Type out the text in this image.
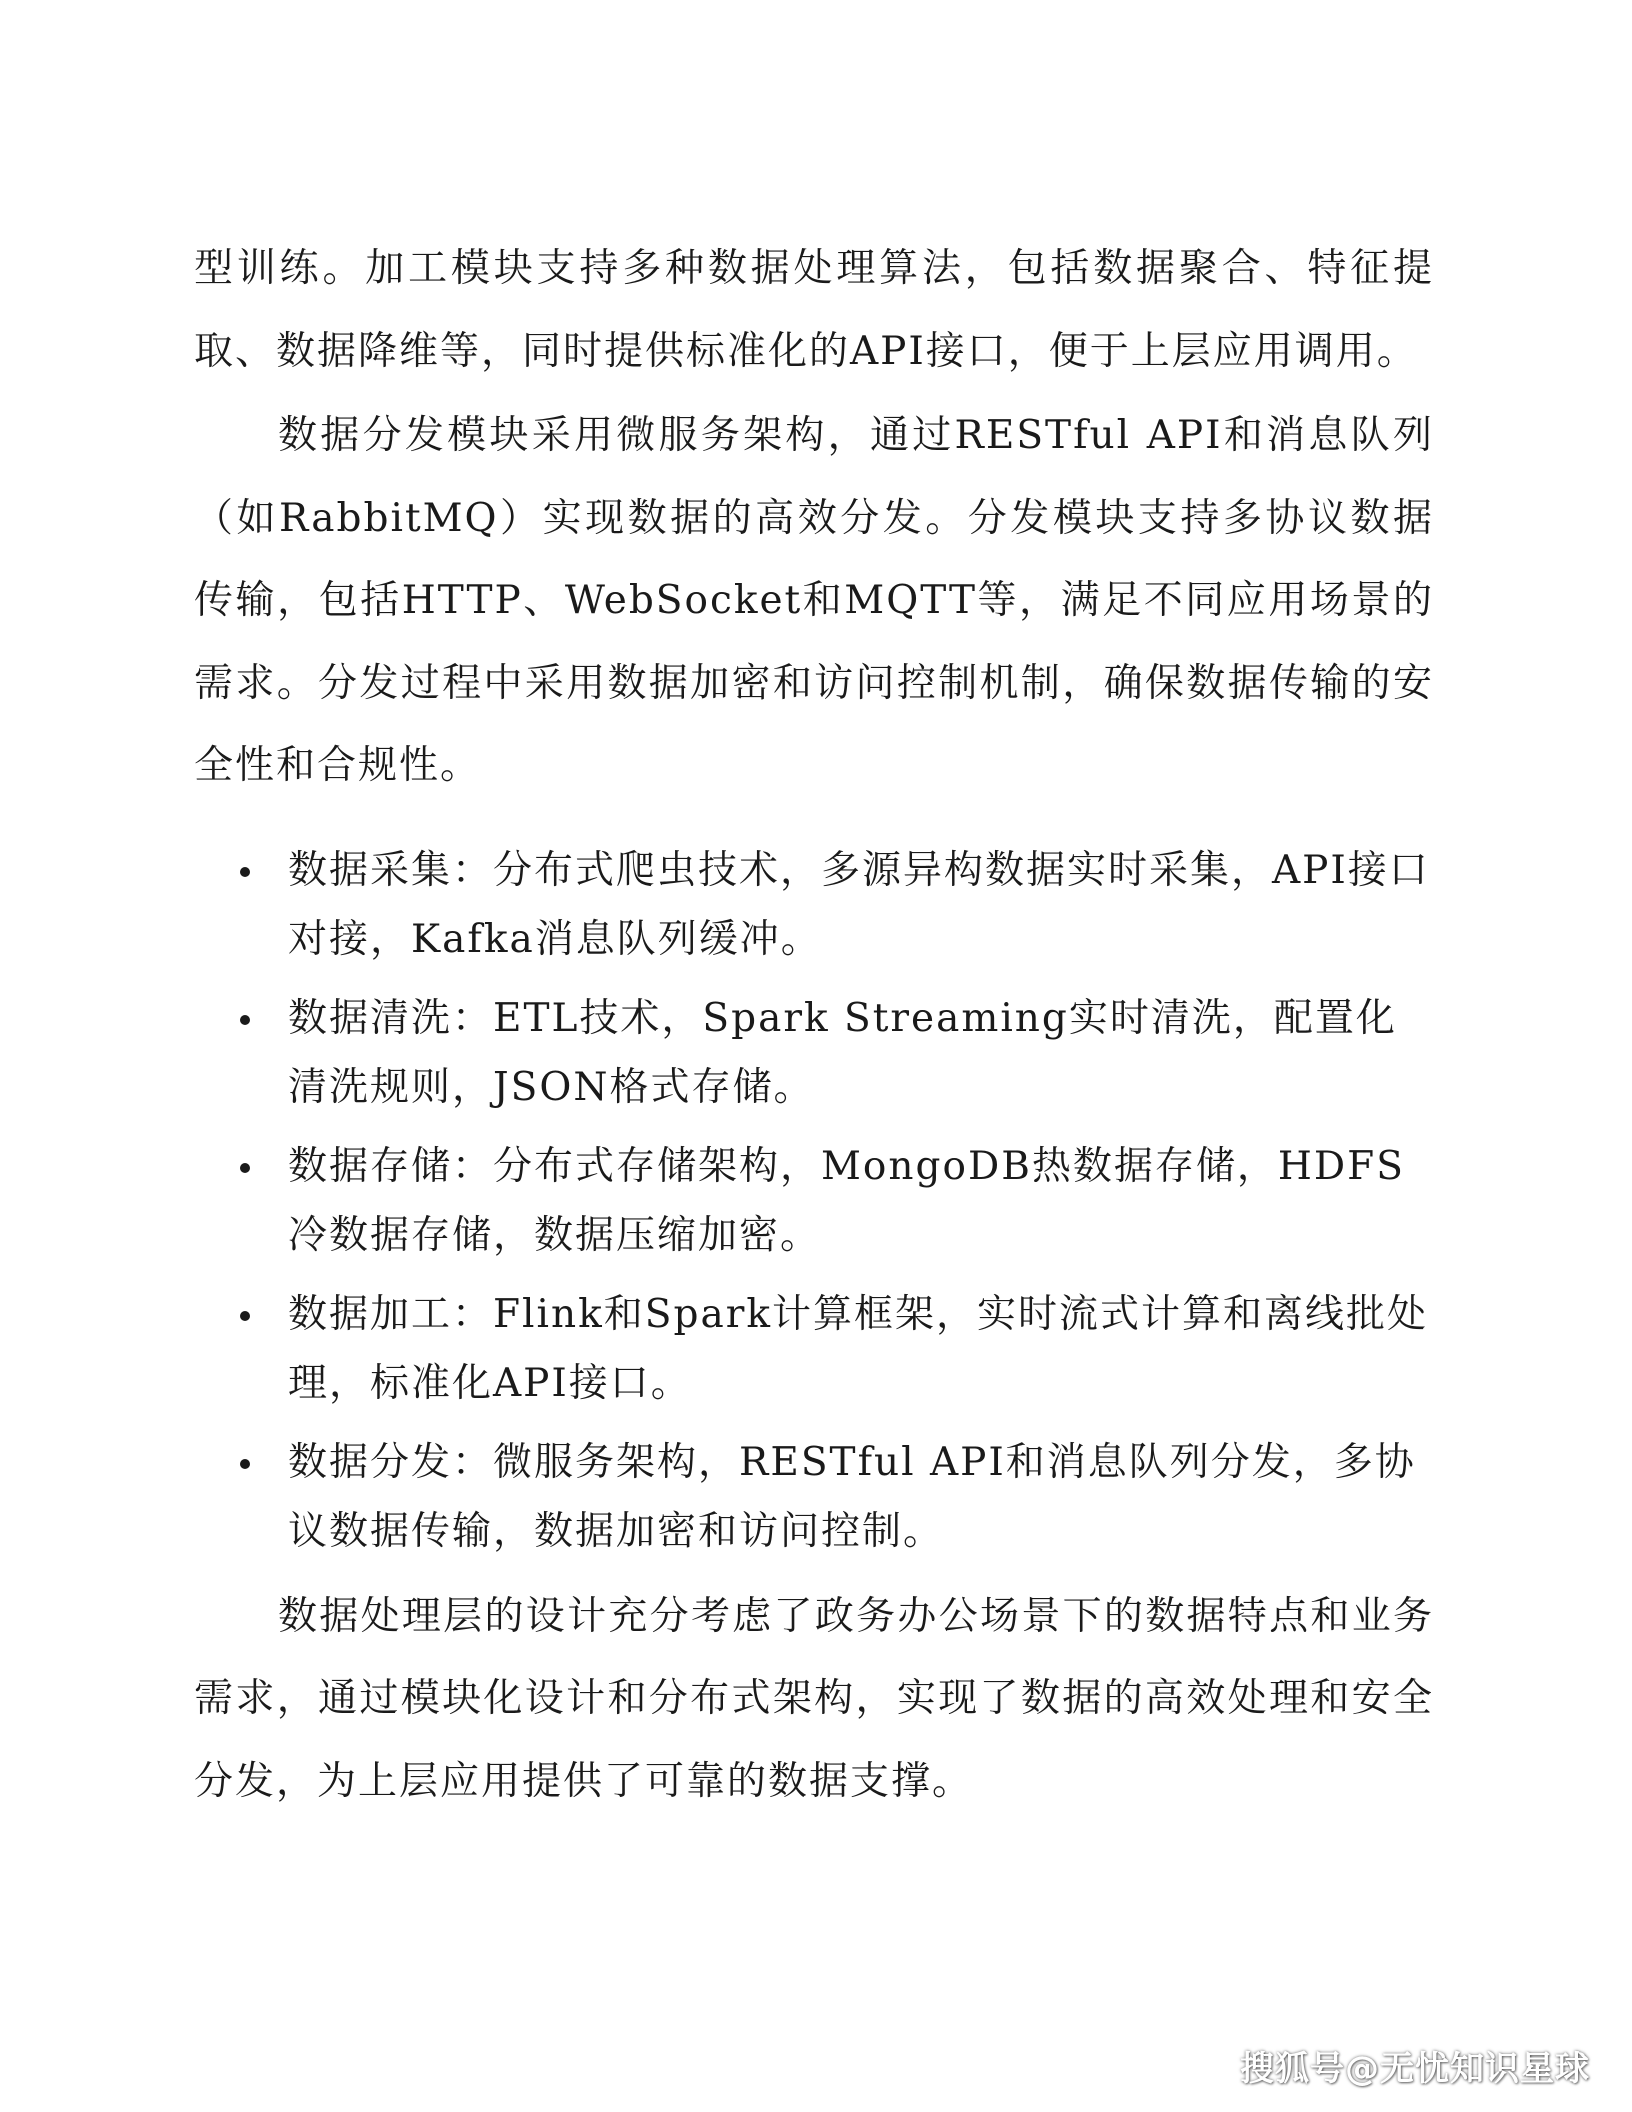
型训练。加工模块支持多种数据处理算法，包括数据聚合、特征提取、数据降维等，同时提供标准化的API接口，便于上层应用调用。

数据分发模块采用微服务架构，通过RESTful API和消息队列（如RabbitMQ）实现数据的高效分发。分发模块支持多协议数据传输，包括HTTP、WebSocket和MQTT等，满足不同应用场景的需求。分发过程中采用数据加密和访问控制机制，确保数据传输的安全性和合规性。

数据采集：分布式爬虫技术，多源异构数据实时采集，API接口对接，Kafka消息队列缓冲。
数据清洗：ETL技术，Spark Streaming实时清洗，配置化清洗规则，JSON格式存储。
数据存储：分布式存储架构，MongoDB热数据存储，HDFS冷数据存储，数据压缩加密。
数据加工：Flink和Spark计算框架，实时流式计算和离线批处理，标准化API接口。
数据分发：微服务架构，RESTful API和消息队列分发，多协议数据传输，数据加密和访问控制。

数据处理层的设计充分考虑了政务办公场景下的数据特点和业务需求，通过模块化设计和分布式架构，实现了数据的高效处理和安全分发，为上层应用提供了可靠的数据支撑。

搜狐号@无忧知识星球
